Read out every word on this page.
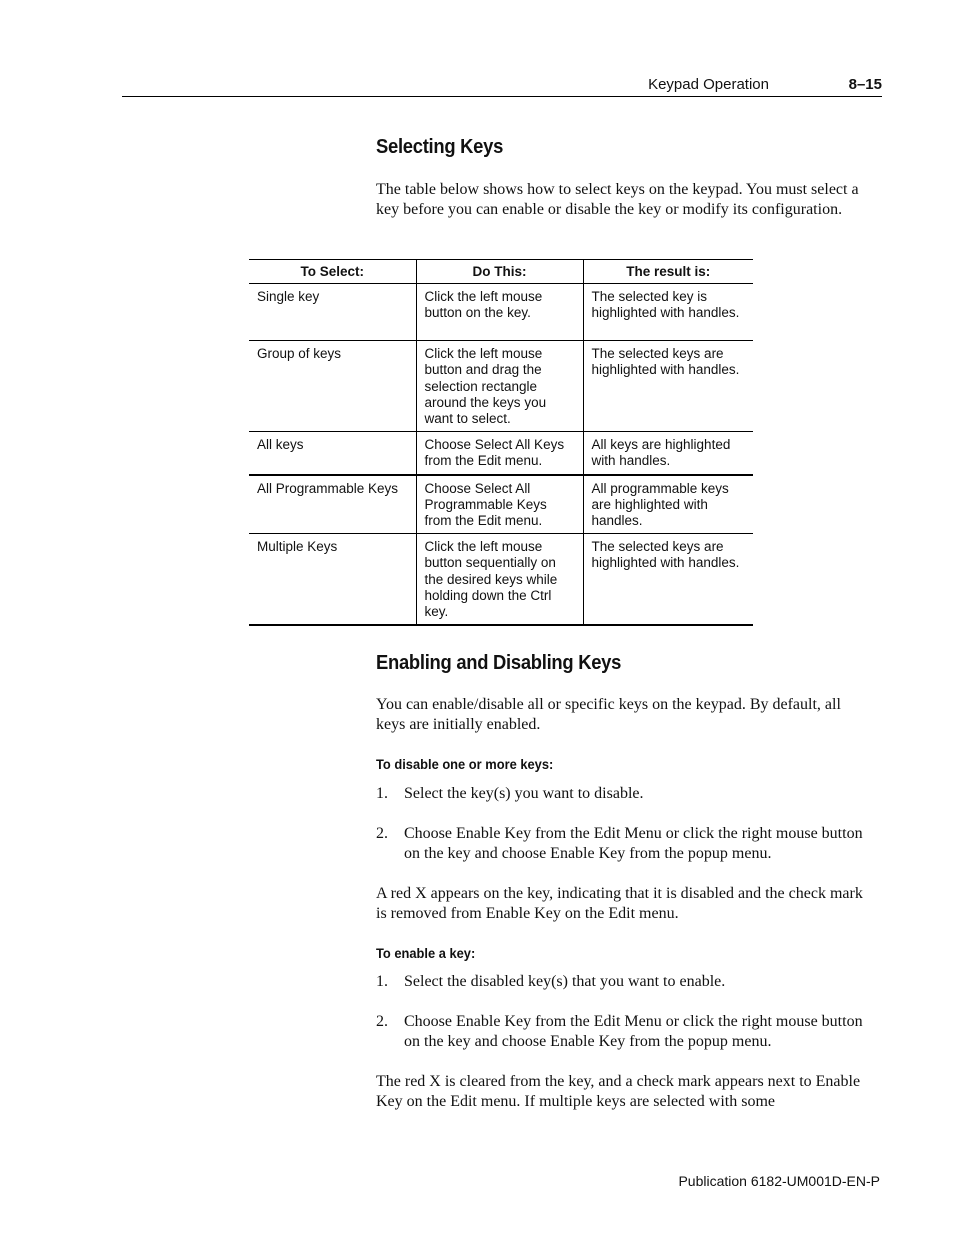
Keypad Operation	8–15
Selecting Keys

The table below shows how to select keys on the keypad. You must select a key before you can enable or disable the key or modify its configuration.

To Select:	Do This:	The result is:
Single key	Click the left mouse button on the key.	The selected key is highlighted with handles.
Group of keys	Click the left mouse button and drag the selection rectangle around the keys you want to select.	The selected keys are highlighted with handles.
All keys	Choose Select All Keys from the Edit menu.	All keys are highlighted with handles.
All Programmable Keys	Choose Select All Programmable Keys from the Edit menu.	All programmable keys are highlighted with handles.
Multiple Keys	Click the left mouse button sequentially on the desired keys while holding down the Ctrl key.	The selected keys are highlighted with handles.
Enabling and Disabling Keys

You can enable/disable all or specific keys on the keypad. By default, all keys are initially enabled.

To disable one or more keys:
1. Select the key(s) you want to disable.
2. Choose Enable Key from the Edit Menu or click the right mouse button on the key and choose Enable Key from the popup menu.

A red X appears on the key, indicating that it is disabled and the check mark is removed from Enable Key on the Edit menu.

To enable a key:
1. Select the disabled key(s) that you want to enable.
2. Choose Enable Key from the Edit Menu or click the right mouse button on the key and choose Enable Key from the popup menu.

The red X is cleared from the key, and a check mark appears next to Enable Key on the Edit menu. If multiple keys are selected with some

Publication 6182-UM001D-EN-P
